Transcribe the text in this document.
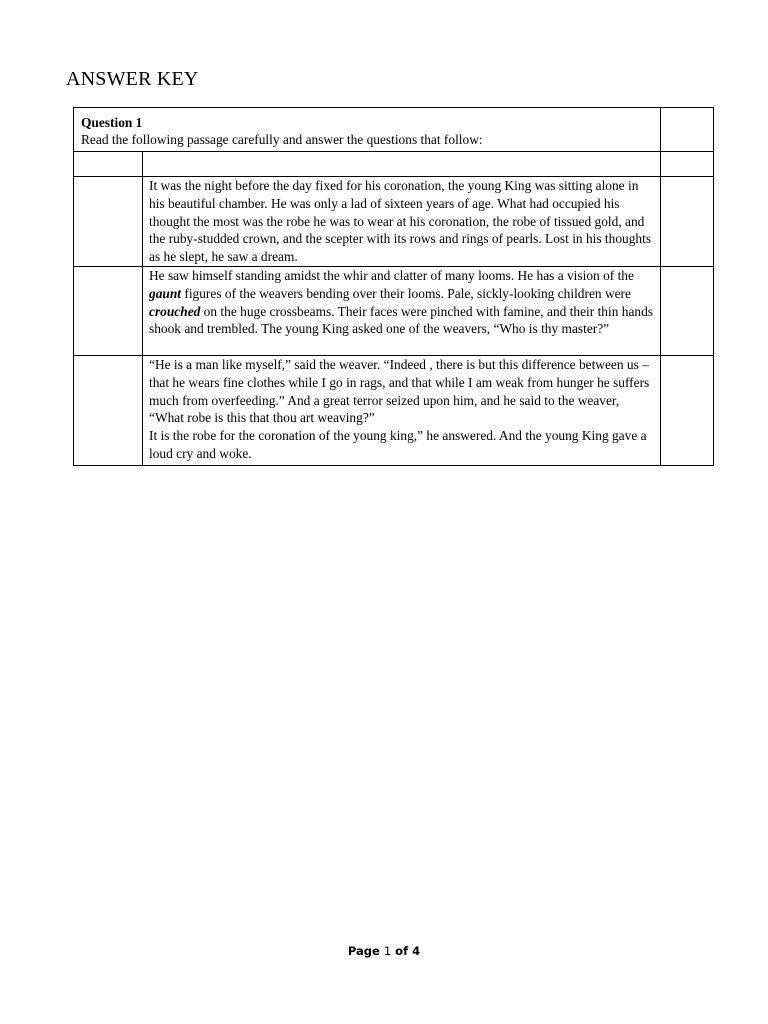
ANSWER KEY
Question 1
Read the following passage carefully and answer the questions that follow:		

	It was the night before the day fixed for his coronation, the young King was sitting alone in his beautiful chamber. He was only a lad of sixteen years of age. What had occupied his thought the most was the robe he was to wear at his coronation, the robe of tissued gold, and the ruby-studded crown, and the scepter with its rows and rings of pearls. Lost in his thoughts as he slept, he saw a dream.	
	He saw himself standing amidst the whir and clatter of many looms. He has a vision of the gaunt figures of the weavers bending over their looms. Pale, sickly-looking children were crouched on the huge crossbeams. Their faces were pinched with famine, and their thin hands shook and trembled. The young King asked one of the weavers, “Who is thy master?”	
	“He is a man like myself,” said the weaver. “Indeed , there is but this difference between us – that he wears fine clothes while I go in rags, and that while I am weak from hunger he suffers much from overfeeding.” And a great terror seized upon him, and he said to the weaver, “What robe is this that thou art weaving?”
It is the robe for the coronation of the young king,” he answered. And the young King gave a loud cry and woke.	
Page 1 of 4
